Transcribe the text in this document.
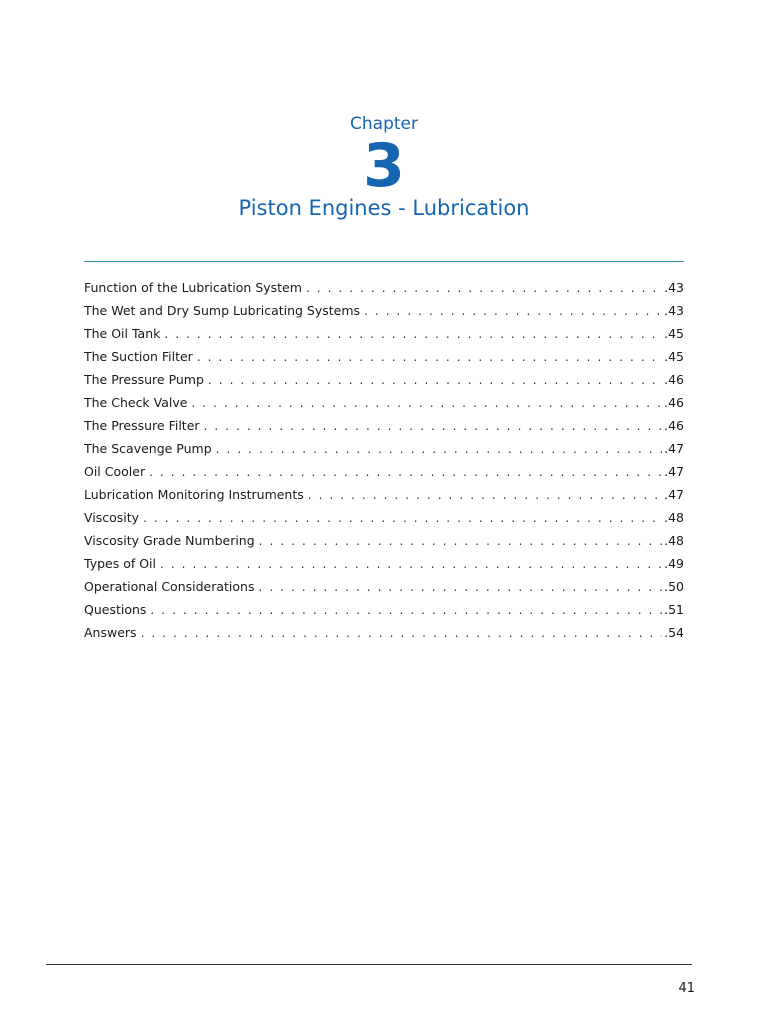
Chapter
3
Piston Engines - Lubrication
Function of the Lubrication System . . .	.43
The Wet and Dry Sump Lubricating Systems . . .	.43
The Oil Tank . . .	.45
The Suction Filter . . .	.45
The Pressure Pump . . .	.46
The Check Valve . . .	.46
The Pressure Filter . . .	.46
The Scavenge Pump . . .	.47
Oil Cooler . . .	.47
Lubrication Monitoring Instruments . . .	.47
Viscosity . . .	.48
Viscosity Grade Numbering . . .	.48
Types of Oil . . .	.49
Operational Considerations . . .	.50
Questions . . .	.51
Answers . . .	.54
41
